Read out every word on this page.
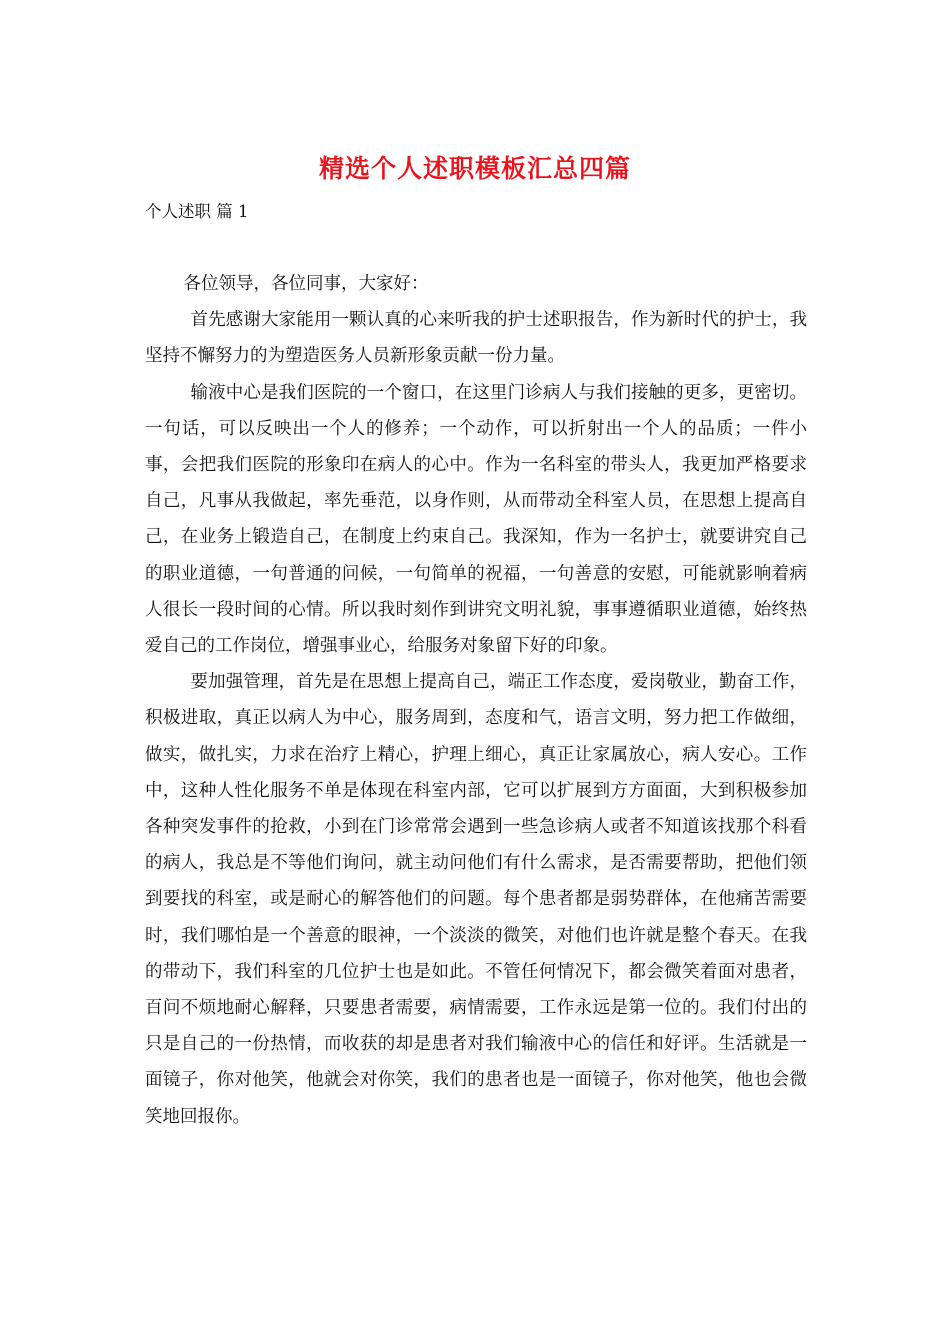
精选个人述职模板汇总四篇
个人述职 篇 1

各位领导，各位同事，大家好：

首先感谢大家能用一颗认真的心来听我的护士述职报告，作为新时代的护士，我坚持不懈努力的为塑造医务人员新形象贡献一份力量。

输液中心是我们医院的一个窗口，在这里门诊病人与我们接触的更多，更密切。一句话，可以反映出一个人的修养；一个动作，可以折射出一个人的品质；一件小事，会把我们医院的形象印在病人的心中。作为一名科室的带头人，我更加严格要求自己，凡事从我做起，率先垂范，以身作则，从而带动全科室人员，在思想上提高自己，在业务上锻造自己，在制度上约束自己。我深知，作为一名护士，就要讲究自己的职业道德，一句普通的问候，一句简单的祝福，一句善意的安慰，可能就影响着病人很长一段时间的心情。所以我时刻作到讲究文明礼貌，事事遵循职业道德，始终热爱自己的工作岗位，增强事业心，给服务对象留下好的印象。

要加强管理，首先是在思想上提高自己，端正工作态度，爱岗敬业，勤奋工作，积极进取，真正以病人为中心，服务周到，态度和气，语言文明，努力把工作做细，做实，做扎实，力求在治疗上精心，护理上细心，真正让家属放心，病人安心。工作中，这种人性化服务不单是体现在科室内部，它可以扩展到方方面面，大到积极参加各种突发事件的抢救，小到在门诊常常会遇到一些急诊病人或者不知道该找那个科看的病人，我总是不等他们询问，就主动问他们有什么需求，是否需要帮助，把他们领到要找的科室，或是耐心的解答他们的问题。每个患者都是弱势群体，在他痛苦需要时，我们哪怕是一个善意的眼神，一个淡淡的微笑，对他们也许就是整个春天。在我的带动下，我们科室的几位护士也是如此。不管任何情况下，都会微笑着面对患者，百问不烦地耐心解释，只要患者需要，病情需要，工作永远是第一位的。我们付出的只是自己的一份热情，而收获的却是患者对我们输液中心的信任和好评。生活就是一面镜子，你对他笑，他就会对你笑，我们的患者也是一面镜子，你对他笑，他也会微笑地回报你。
